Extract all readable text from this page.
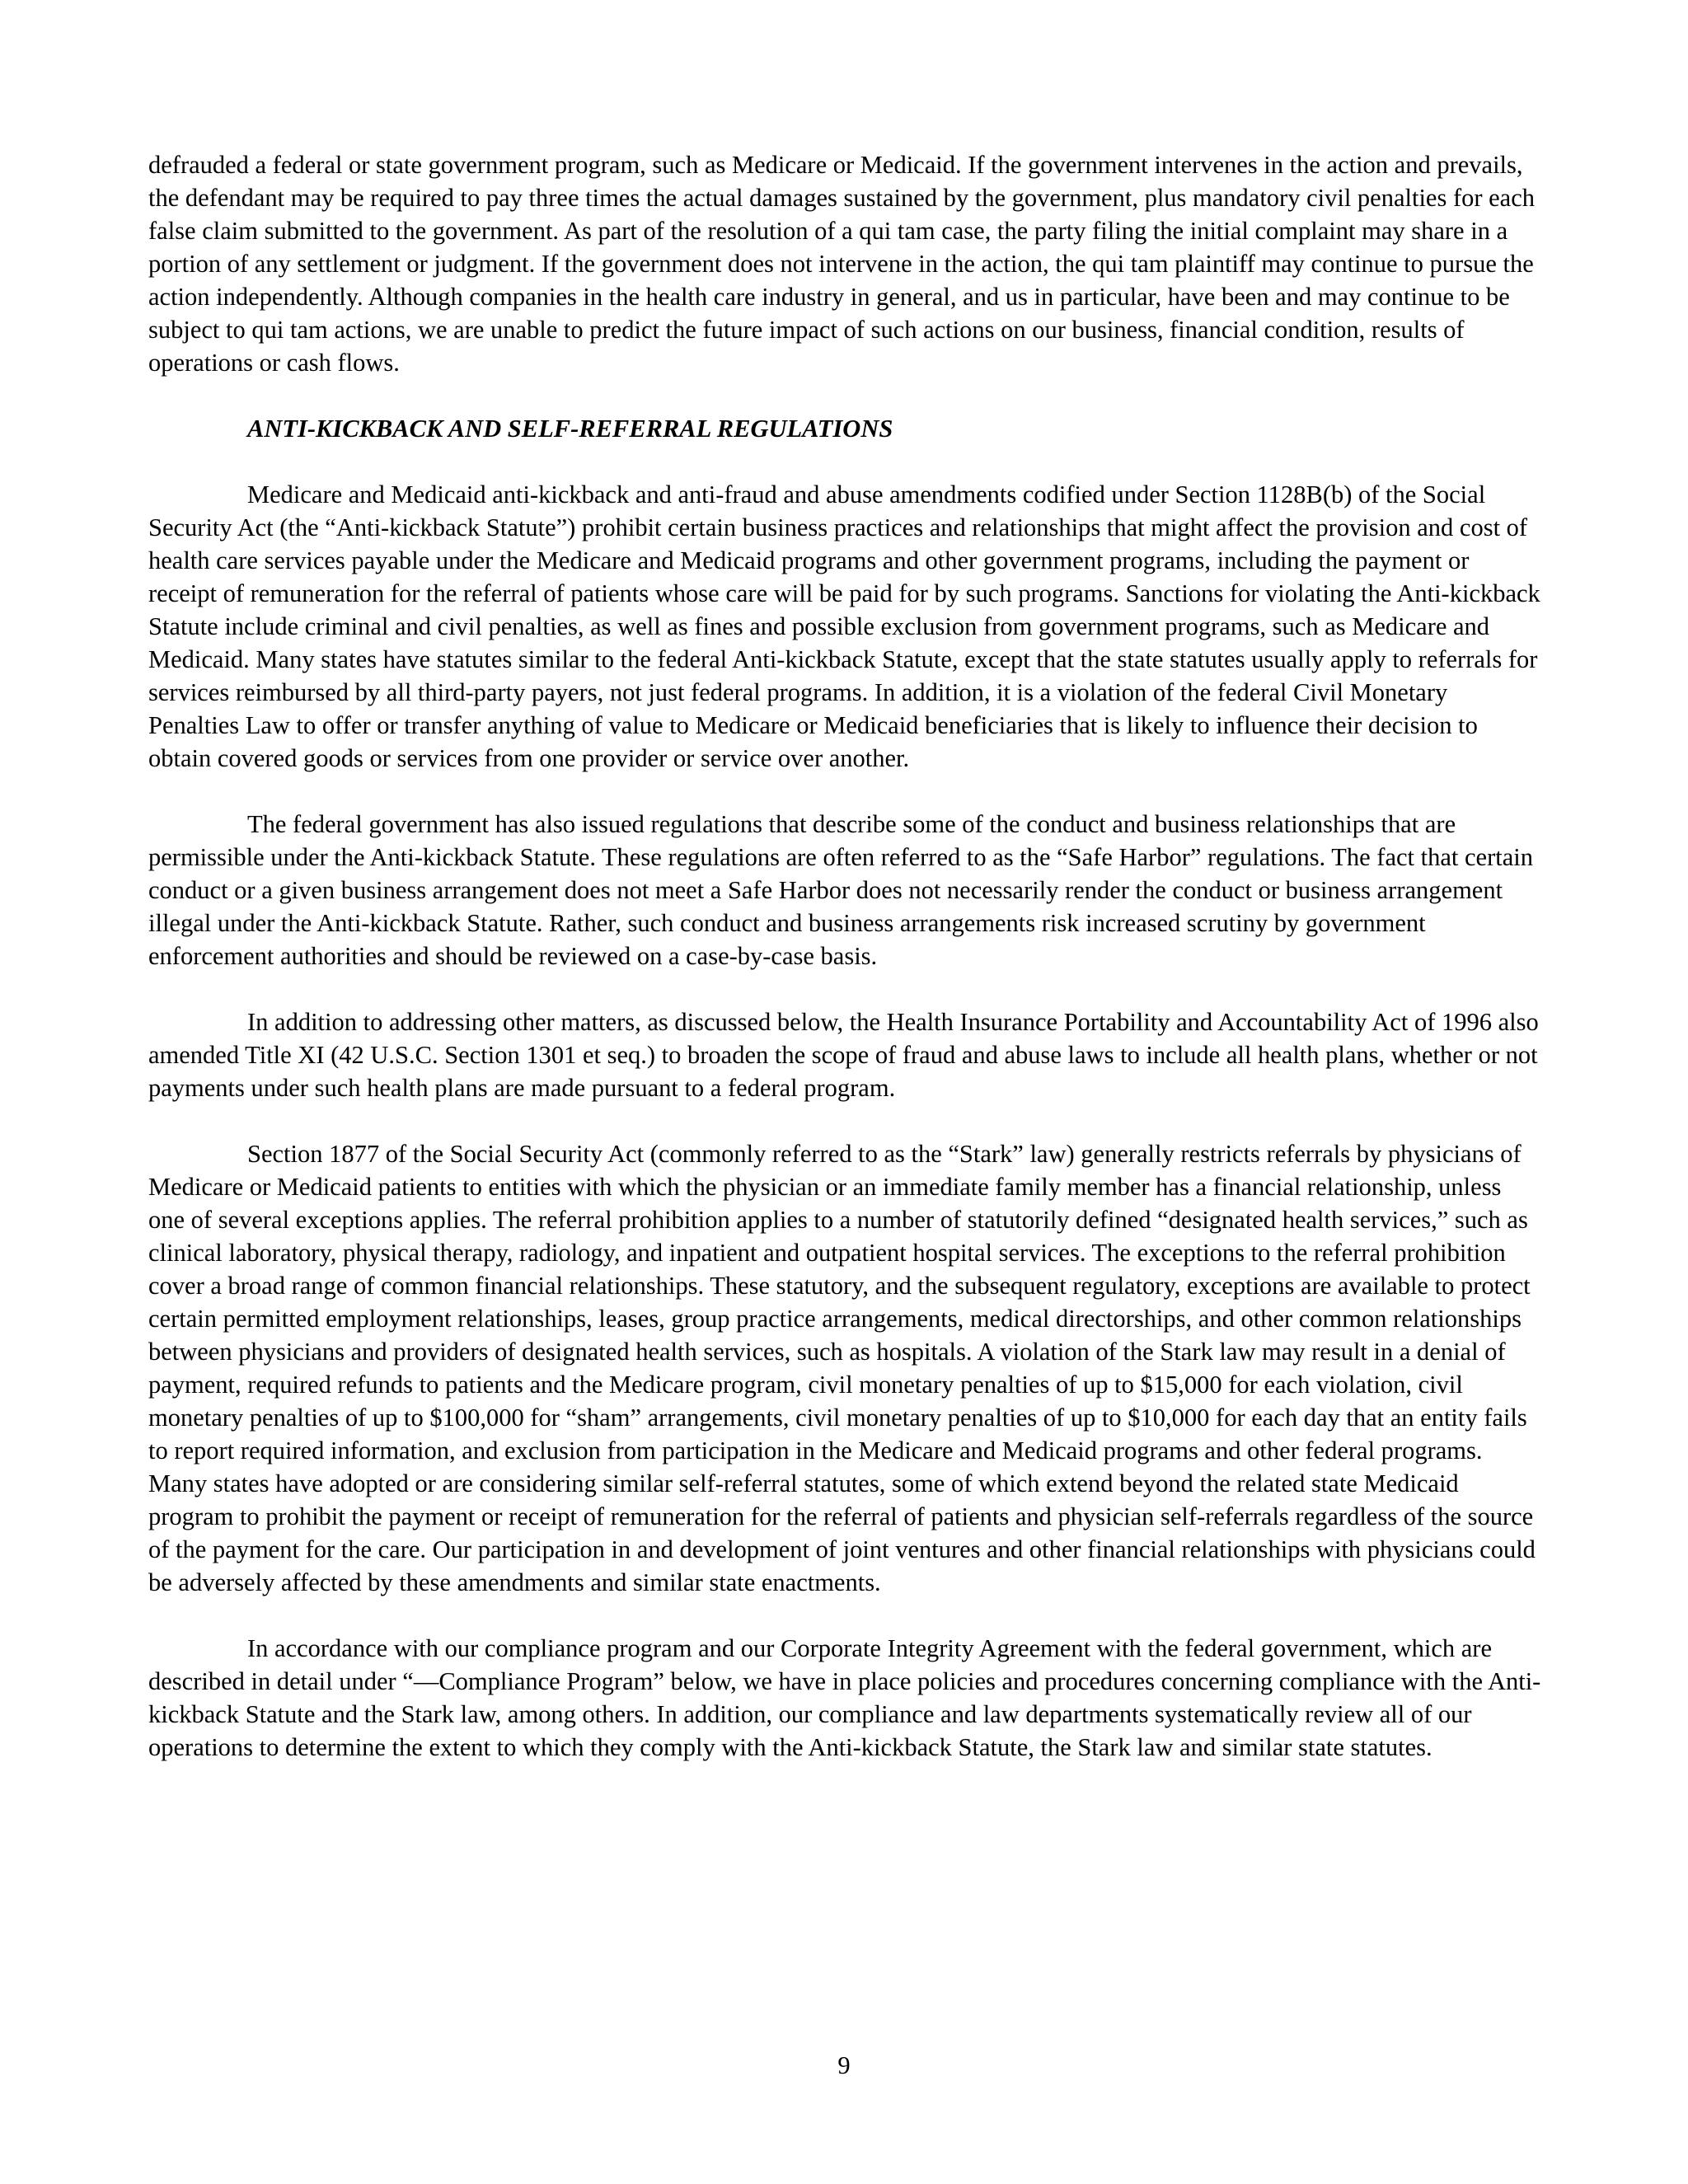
defrauded a federal or state government program, such as Medicare or Medicaid. If the government intervenes in the action and prevails, the defendant may be required to pay three times the actual damages sustained by the government, plus mandatory civil penalties for each false claim submitted to the government. As part of the resolution of a qui tam case, the party filing the initial complaint may share in a portion of any settlement or judgment. If the government does not intervene in the action, the qui tam plaintiff may continue to pursue the action independently. Although companies in the health care industry in general, and us in particular, have been and may continue to be subject to qui tam actions, we are unable to predict the future impact of such actions on our business, financial condition, results of operations or cash flows.

ANTI-KICKBACK AND SELF-REFERRAL REGULATIONS

Medicare and Medicaid anti-kickback and anti-fraud and abuse amendments codified under Section 1128B(b) of the Social Security Act (the “Anti-kickback Statute”) prohibit certain business practices and relationships that might affect the provision and cost of health care services payable under the Medicare and Medicaid programs and other government programs, including the payment or receipt of remuneration for the referral of patients whose care will be paid for by such programs. Sanctions for violating the Anti-kickback Statute include criminal and civil penalties, as well as fines and possible exclusion from government programs, such as Medicare and Medicaid. Many states have statutes similar to the federal Anti-kickback Statute, except that the state statutes usually apply to referrals for services reimbursed by all third-party payers, not just federal programs. In addition, it is a violation of the federal Civil Monetary Penalties Law to offer or transfer anything of value to Medicare or Medicaid beneficiaries that is likely to influence their decision to obtain covered goods or services from one provider or service over another.

The federal government has also issued regulations that describe some of the conduct and business relationships that are permissible under the Anti-kickback Statute. These regulations are often referred to as the “Safe Harbor” regulations. The fact that certain conduct or a given business arrangement does not meet a Safe Harbor does not necessarily render the conduct or business arrangement illegal under the Anti-kickback Statute. Rather, such conduct and business arrangements risk increased scrutiny by government enforcement authorities and should be reviewed on a case-by-case basis.

In addition to addressing other matters, as discussed below, the Health Insurance Portability and Accountability Act of 1996 also amended Title XI (42 U.S.C. Section 1301 et seq.) to broaden the scope of fraud and abuse laws to include all health plans, whether or not payments under such health plans are made pursuant to a federal program.

Section 1877 of the Social Security Act (commonly referred to as the “Stark” law) generally restricts referrals by physicians of Medicare or Medicaid patients to entities with which the physician or an immediate family member has a financial relationship, unless one of several exceptions applies. The referral prohibition applies to a number of statutorily defined “designated health services,” such as clinical laboratory, physical therapy, radiology, and inpatient and outpatient hospital services. The exceptions to the referral prohibition cover a broad range of common financial relationships. These statutory, and the subsequent regulatory, exceptions are available to protect certain permitted employment relationships, leases, group practice arrangements, medical directorships, and other common relationships between physicians and providers of designated health services, such as hospitals. A violation of the Stark law may result in a denial of payment, required refunds to patients and the Medicare program, civil monetary penalties of up to $15,000 for each violation, civil monetary penalties of up to $100,000 for “sham” arrangements, civil monetary penalties of up to $10,000 for each day that an entity fails to report required information, and exclusion from participation in the Medicare and Medicaid programs and other federal programs. Many states have adopted or are considering similar self-referral statutes, some of which extend beyond the related state Medicaid program to prohibit the payment or receipt of remuneration for the referral of patients and physician self-referrals regardless of the source of the payment for the care. Our participation in and development of joint ventures and other financial relationships with physicians could be adversely affected by these amendments and similar state enactments.

In accordance with our compliance program and our Corporate Integrity Agreement with the federal government, which are described in detail under “—Compliance Program” below, we have in place policies and procedures concerning compliance with the Anti-kickback Statute and the Stark law, among others. In addition, our compliance and law departments systematically review all of our operations to determine the extent to which they comply with the Anti-kickback Statute, the Stark law and similar state statutes.

9
